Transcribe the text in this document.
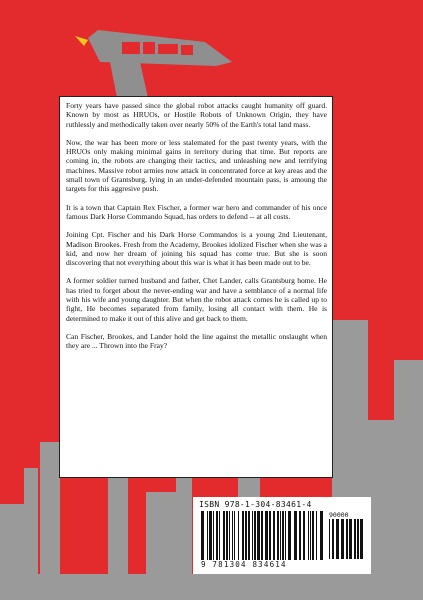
Forty years have passed since the global robot attacks caught humanity off guard. Known by most as HRUOs, or Hostile Robots of Unknown Origin, they have ruthlessly and methodically taken over nearly 50% of the Earth's total land mass.

Now, the war has been more or less stalemated for the past twenty years, with the HRUOs only making minimal gains in territory during that time. But reports are coming in, the robots are changing their tactics, and unleashing new and terrifying machines. Massive robot armies now attack in concentrated force at key areas and the small town of Grantsburg, lying in an under-defended mountain pass, is amoung the targets for this aggresive push.

It is a town that Captain Rex Fischer, a former war hero and commander of his once famous Dark Horse Commando Squad, has orders to defend -- at all costs.

Joining Cpt. Fischer and his Dark Horse Commandos is a young 2nd Lieutenant, Madison Brookes. Fresh from the Academy, Brookes idolized Fischer when she was a kid, and now her dream of joining his squad has come true. But she is soon discovering that not everything about this war is what it has been made out to be.

A former soldier turned husband and father, Chet Lander, calls Grantsburg home. He has tried to forget about the never-ending war and have a semblance of a normal life with his wife and young daughter. But when the robot attack comes he is called up to fight, He becomes separated from family, losing all contact with them. He is determined to make it out of this alive and get back to them.

Can Fischer, Brookes, and Lander hold the line against the metallic onslaught when they are ... Thrown into the Fray?

ISBN 978-1-304-83461-4
90000
9 781304 834614
